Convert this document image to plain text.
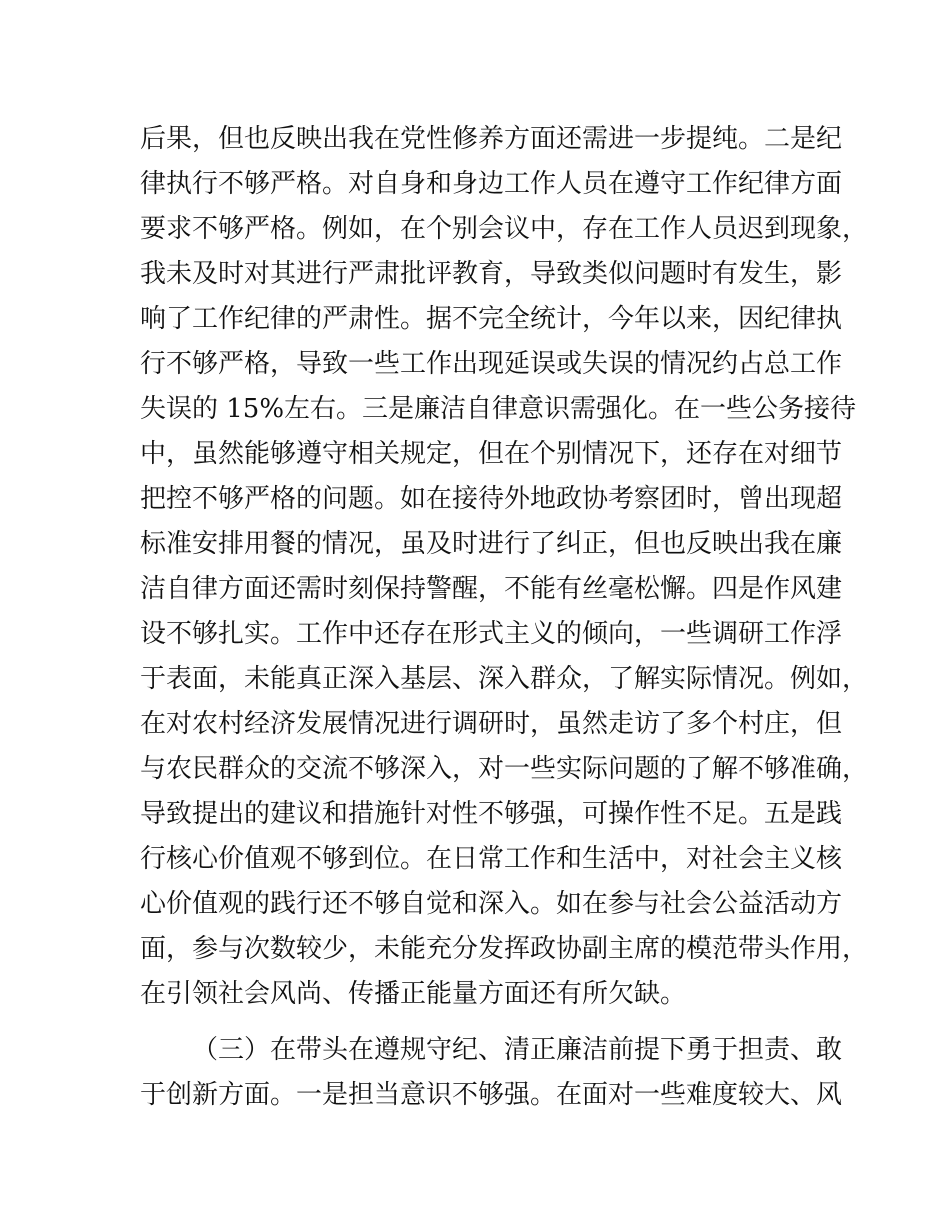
后果，但也反映出我在党性修养方面还需进一步提纯。二是纪
律执行不够严格。对自身和身边工作人员在遵守工作纪律方面
要求不够严格。例如，在个别会议中，存在工作人员迟到现象，
我未及时对其进行严肃批评教育，导致类似问题时有发生，影
响了工作纪律的严肃性。据不完全统计，今年以来，因纪律执
行不够严格，导致一些工作出现延误或失误的情况约占总工作
失误的 15%左右。三是廉洁自律意识需强化。在一些公务接待
中，虽然能够遵守相关规定，但在个别情况下，还存在对细节
把控不够严格的问题。如在接待外地政协考察团时，曾出现超
标准安排用餐的情况，虽及时进行了纠正，但也反映出我在廉
洁自律方面还需时刻保持警醒，不能有丝毫松懈。四是作风建
设不够扎实。工作中还存在形式主义的倾向，一些调研工作浮
于表面，未能真正深入基层、深入群众，了解实际情况。例如，
在对农村经济发展情况进行调研时，虽然走访了多个村庄，但
与农民群众的交流不够深入，对一些实际问题的了解不够准确，
导致提出的建议和措施针对性不够强，可操作性不足。五是践
行核心价值观不够到位。在日常工作和生活中，对社会主义核
心价值观的践行还不够自觉和深入。如在参与社会公益活动方
面，参与次数较少，未能充分发挥政协副主席的模范带头作用，
在引领社会风尚、传播正能量方面还有所欠缺。
（三）在带头在遵规守纪、清正廉洁前提下勇于担责、敢
于创新方面。一是担当意识不够强。在面对一些难度较大、风
